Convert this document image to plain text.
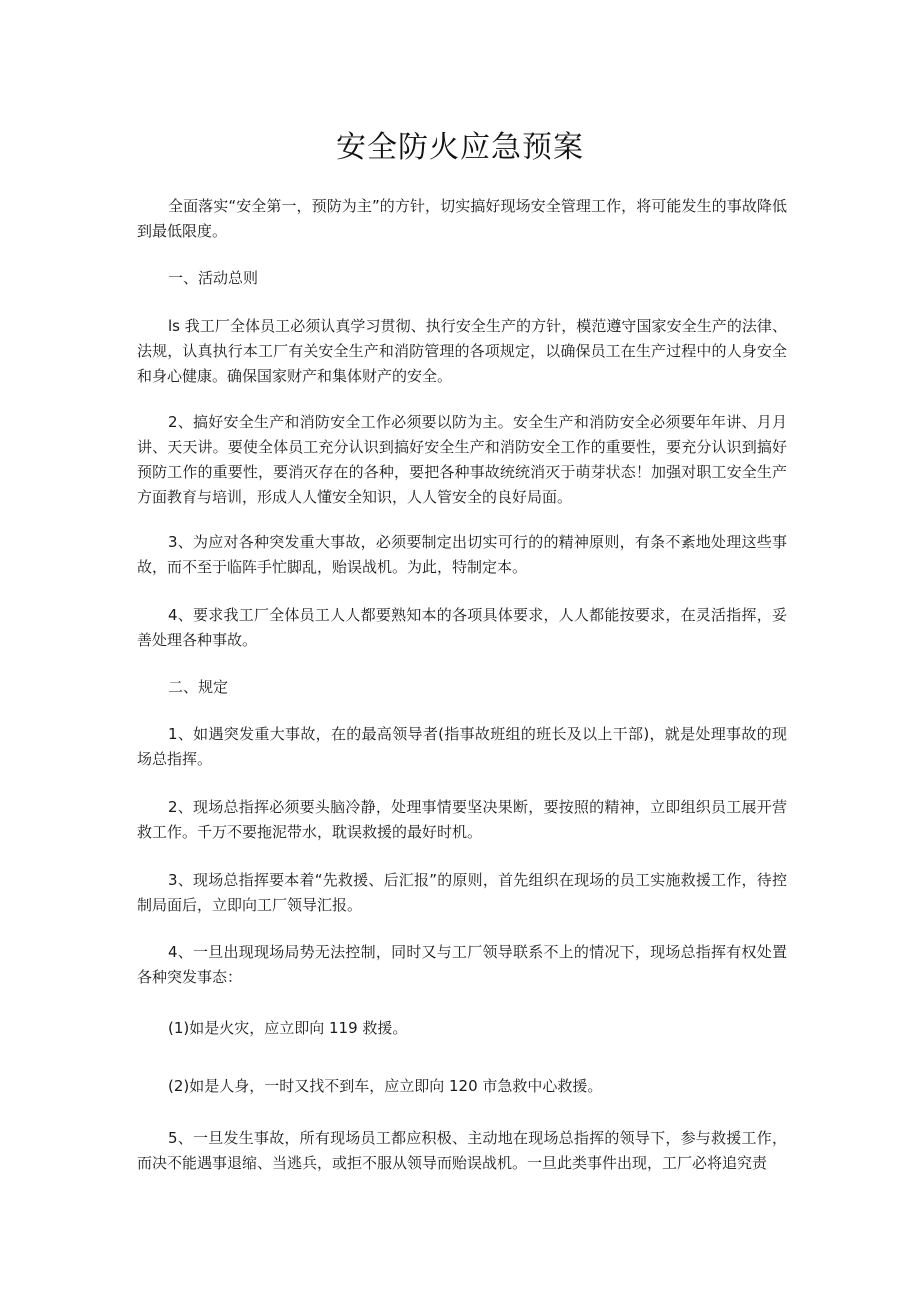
安全防火应急预案

全面落实“安全第一，预防为主”的方针，切实搞好现场安全管理工作，将可能发生的事故降低到最低限度。

一、活动总则

ls 我工厂全体员工必须认真学习贯彻、执行安全生产的方针，模范遵守国家安全生产的法律、法规，认真执行本工厂有关安全生产和消防管理的各项规定，以确保员工在生产过程中的人身安全和身心健康。确保国家财产和集体财产的安全。

2、搞好安全生产和消防安全工作必须要以防为主。安全生产和消防安全必须要年年讲、月月讲、天天讲。要使全体员工充分认识到搞好安全生产和消防安全工作的重要性，要充分认识到搞好预防工作的重要性，要消灭存在的各种，要把各种事故统统消灭于萌芽状态！加强对职工安全生产方面教育与培训，形成人人懂安全知识，人人管安全的良好局面。

3、为应对各种突发重大事故，必须要制定出切实可行的的精神原则，有条不紊地处理这些事故，而不至于临阵手忙脚乱，贻误战机。为此，特制定本。

4、要求我工厂全体员工人人都要熟知本的各项具体要求，人人都能按要求，在灵活指挥，妥善处理各种事故。

二、规定

1、如遇突发重大事故，在的最高领导者(指事故班组的班长及以上干部)，就是处理事故的现场总指挥。

2、现场总指挥必须要头脑冷静，处理事情要坚决果断，要按照的精神，立即组织员工展开营救工作。千万不要拖泥带水，耽误救援的最好时机。

3、现场总指挥要本着“先救援、后汇报”的原则，首先组织在现场的员工实施救援工作，待控制局面后，立即向工厂领导汇报。

4、一旦出现现场局势无法控制，同时又与工厂领导联系不上的情况下，现场总指挥有权处置各种突发事态：

(1)如是火灾，应立即向 119 救援。

(2)如是人身，一时又找不到车，应立即向 120 市急救中心救援。

5、一旦发生事故，所有现场员工都应积极、主动地在现场总指挥的领导下，参与救援工作，而决不能遇事退缩、当逃兵，或拒不服从领导而贻误战机。一旦此类事件出现，工厂必将追究责
